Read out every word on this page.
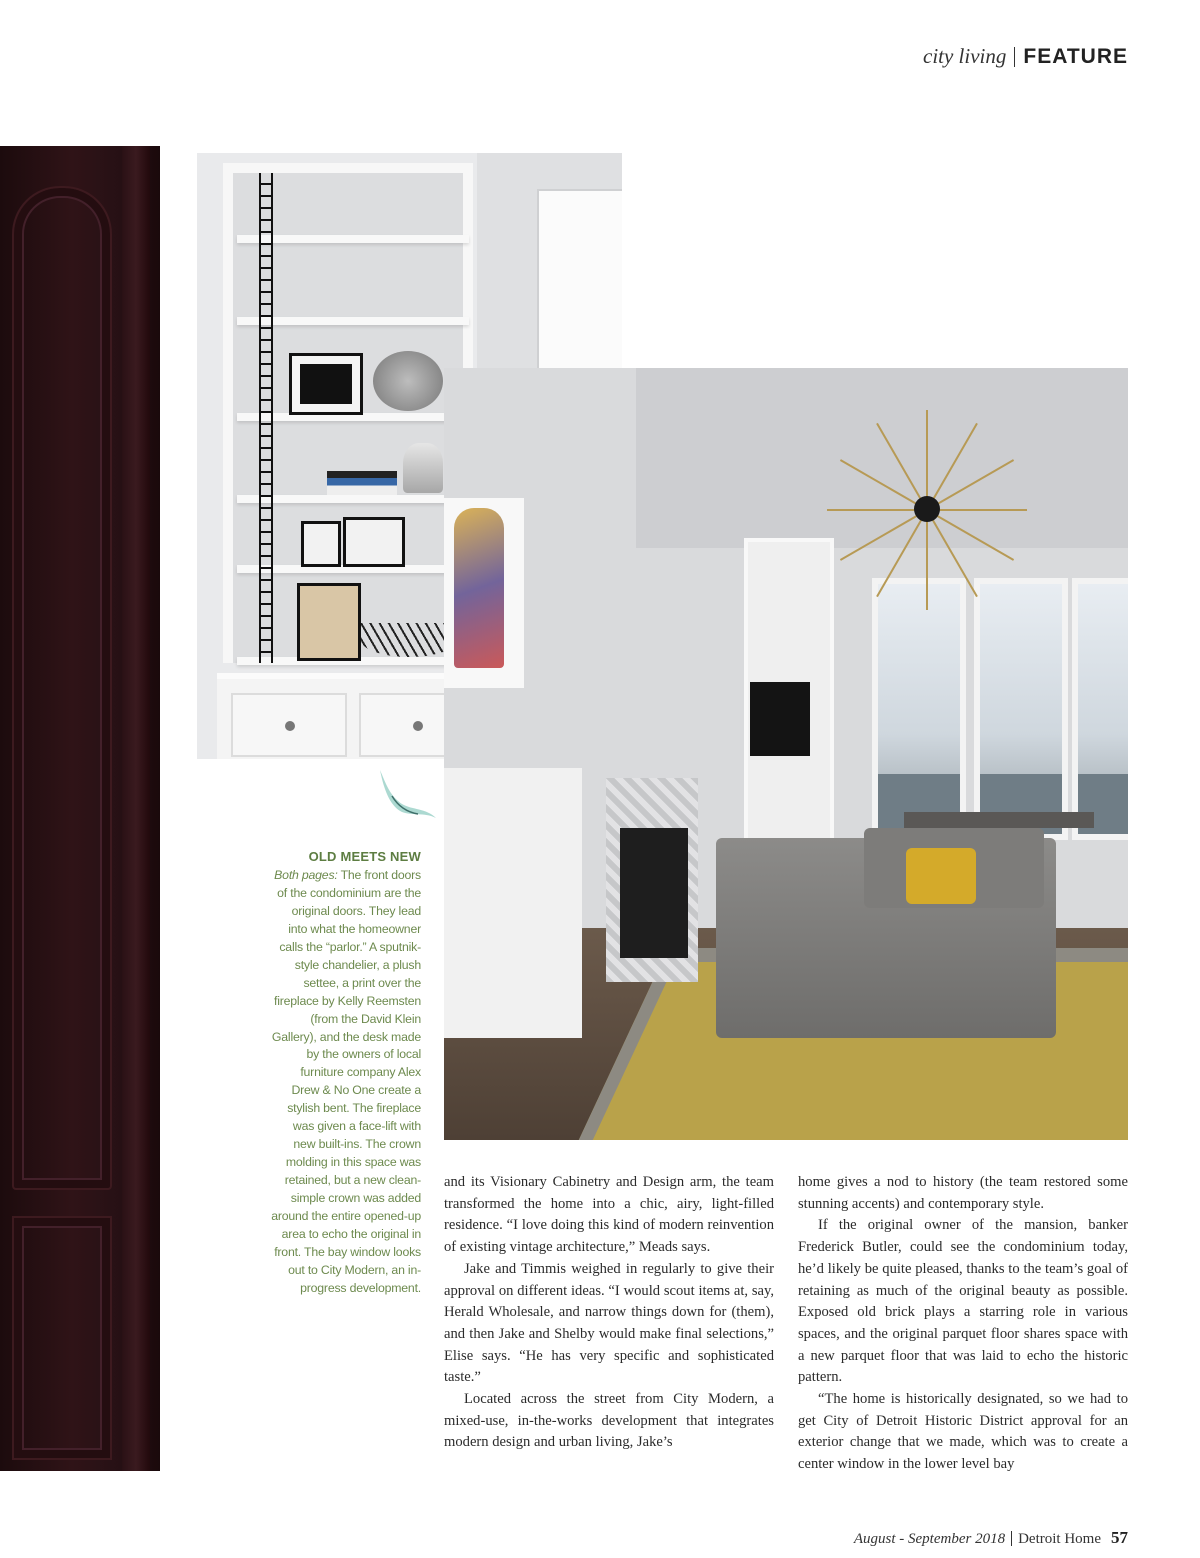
city living FEATURE
OLD MEETS NEW
Both pages: The front doors of the condominium are the original doors. They lead into what the homeowner calls the “parlor.” A sputnik-style chandelier, a plush settee, a print over the fireplace by Kelly Reemsten (from the David Klein Gallery), and the desk made by the owners of local furniture company Alex Drew & No One create a stylish bent. The fireplace was given a face-lift with new built-ins. The crown molding in this space was retained, but a new clean-simple crown was added around the entire opened-up area to echo the original in front. The bay window looks out to City Modern, an in-progress development.

and its Visionary Cabinetry and Design arm, the team transformed the home into a chic, airy, light-filled residence. “I love doing this kind of modern reinvention of existing vintage architecture,” Meads says.

Jake and Timmis weighed in regularly to give their approval on different ideas. “I would scout items at, say, Herald Wholesale, and narrow things down for (them), and then Jake and Shelby would make final selections,” Elise says. “He has very specific and sophisticated taste.”

Located across the street from City Modern, a mixed-use, in-the-works development that integrates modern design and urban living, Jake’s

home gives a nod to history (the team restored some stunning accents) and contemporary style.

If the original owner of the mansion, banker Frederick Butler, could see the condominium today, he’d likely be quite pleased, thanks to the team’s goal of retaining as much of the original beauty as possible. Exposed old brick plays a starring role in various spaces, and the original parquet floor shares space with a new parquet floor that was laid to echo the historic pattern.

“The home is historically designated, so we had to get City of Detroit Historic District approval for an exterior change that we made, which was to create a center window in the lower level bay

August - September 2018 Detroit Home 57
